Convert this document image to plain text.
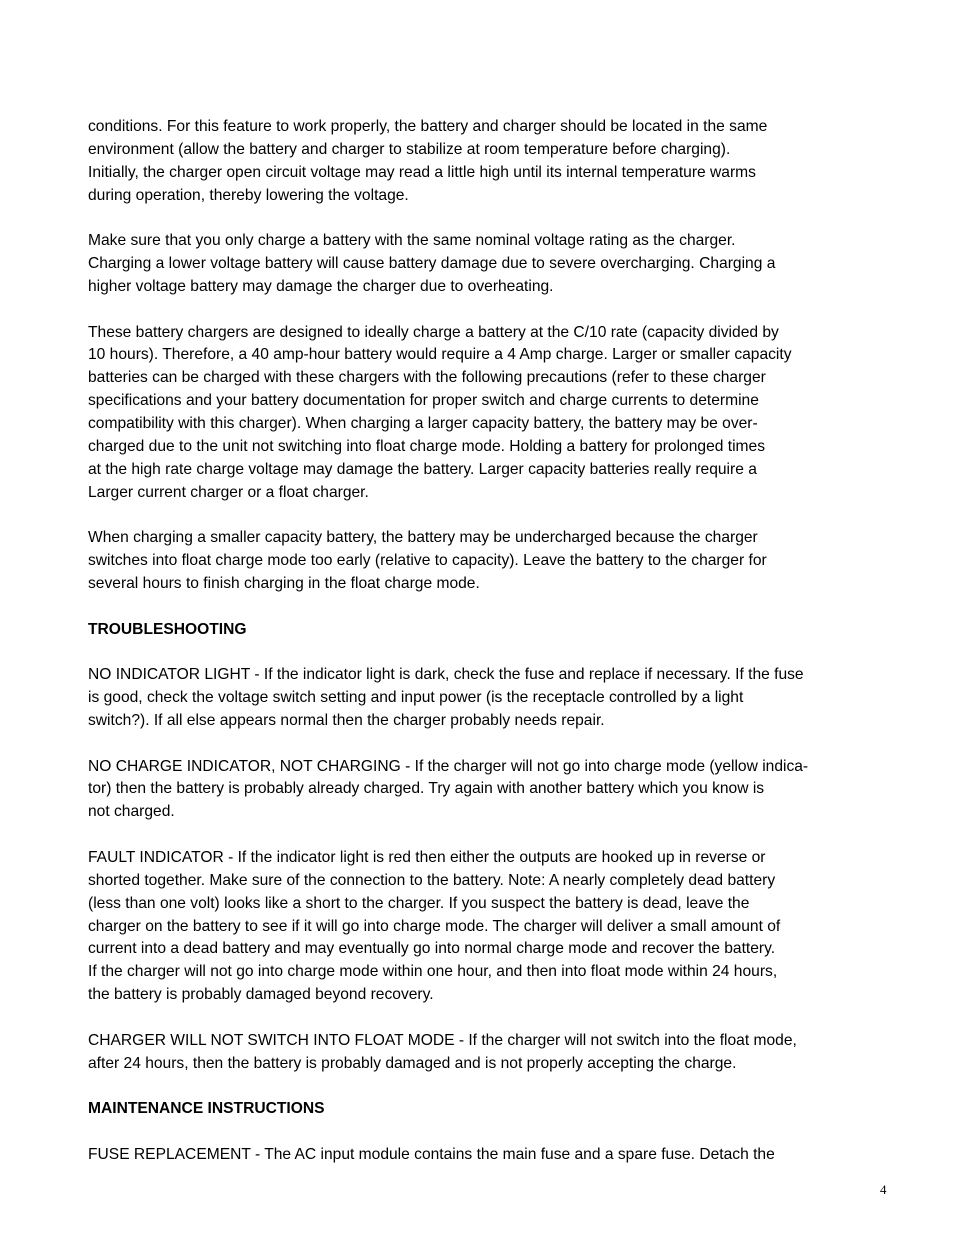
conditions. For this feature to work properly, the battery and charger should be located in the same
environment (allow the battery and charger to stabilize at room temperature before charging).
Initially, the charger open circuit voltage may read a little high until its internal temperature warms
during operation, thereby lowering the voltage.
Make sure that you only charge a battery with the same nominal voltage rating as the charger.
Charging a lower voltage battery will cause battery damage due to severe overcharging. Charging a
higher voltage battery may damage the charger due to overheating.
These battery chargers are designed to ideally charge a battery at the C/10 rate (capacity divided by
10 hours). Therefore, a 40 amp-hour battery would require a 4 Amp charge. Larger or smaller capacity
batteries can be charged with these chargers with the following precautions (refer to these charger
specifications and your battery documentation for proper switch and charge currents to determine
compatibility with this charger). When charging a larger capacity battery, the battery may be over-
charged due to the unit not switching into float charge mode. Holding a battery for prolonged times
at the high rate charge voltage may damage the battery. Larger capacity batteries really require a
Larger current charger or a float charger.
When charging a smaller capacity battery, the battery may be undercharged because the charger
switches into float charge mode too early (relative to capacity). Leave the battery to the charger for
several hours to finish charging in the float charge mode.
TROUBLESHOOTING
NO INDICATOR LIGHT - If the indicator light is dark, check the fuse and replace if necessary. If the fuse
is good, check the voltage switch setting and input power (is the receptacle controlled by a light
switch?). If all else appears normal then the charger probably needs repair.
NO CHARGE INDICATOR, NOT CHARGING - If the charger will not go into charge mode (yellow indica-
tor) then the battery is probably already charged. Try again with another battery which you know is
not charged.
FAULT INDICATOR - If the indicator light is red then either the outputs are hooked up in reverse or
shorted together. Make sure of the connection to the battery. Note: A nearly completely dead battery
(less than one volt) looks like a short to the charger. If you suspect the battery is dead, leave the
charger on the battery to see if it will go into charge mode. The charger will deliver a small amount of
current into a dead battery and may eventually go into normal charge mode and recover the battery.
If the charger will not go into charge mode within one hour, and then into float mode within 24 hours,
the battery is probably damaged beyond recovery.
CHARGER WILL NOT SWITCH INTO FLOAT MODE - If the charger will not switch into the float mode,
after 24 hours, then the battery is probably damaged and is not properly accepting the charge.
MAINTENANCE INSTRUCTIONS
FUSE REPLACEMENT - The AC input module contains the main fuse and a spare fuse. Detach the
4
